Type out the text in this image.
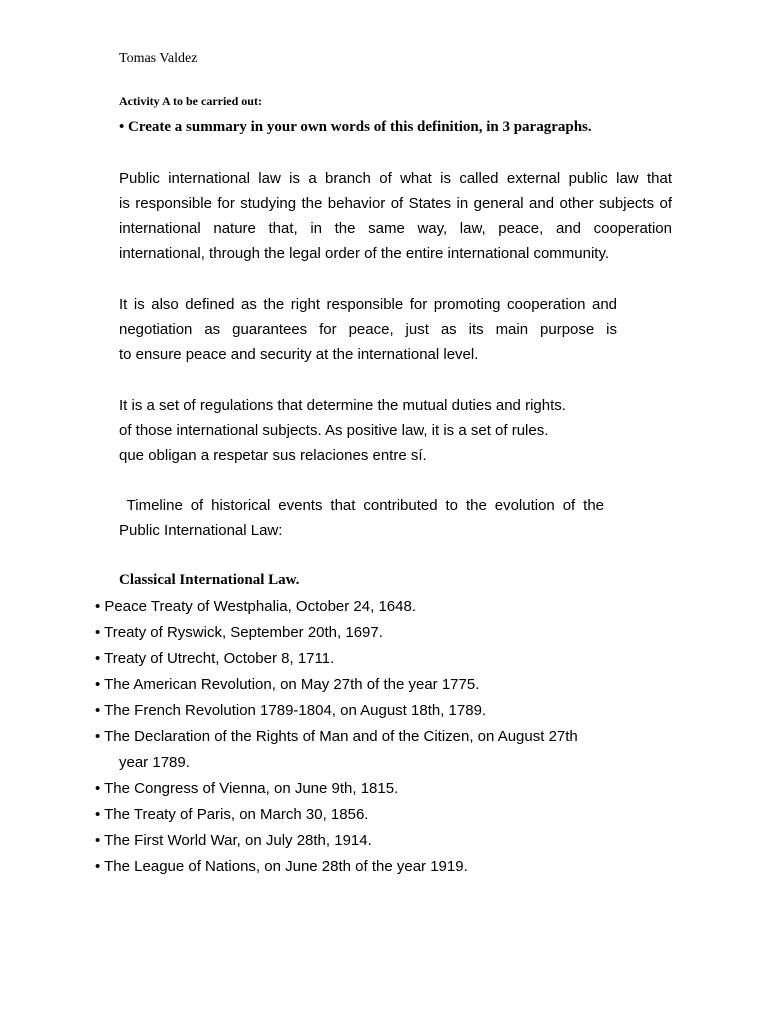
Tomas Valdez
Activity A to be carried out:
• Create a summary in your own words of this definition, in 3 paragraphs.
Public international law is a branch of what is called external public law that
is responsible for studying the behavior of States in general and other subjects of
international nature that, in the same way, law, peace, and cooperation
international, through the legal order of the entire international community.
It is also defined as the right responsible for promoting cooperation and
negotiation as guarantees for peace, just as its main purpose is
to ensure peace and security at the international level.
It is a set of regulations that determine the mutual duties and rights.
of those international subjects. As positive law, it is a set of rules.
que obligan a respetar sus relaciones entre sí.
Timeline of historical events that contributed to the evolution of the
Public International Law:
Classical International Law.
• Peace Treaty of Westphalia, October 24, 1648.
• Treaty of Ryswick, September 20th, 1697.
• Treaty of Utrecht, October 8, 1711.
• The American Revolution, on May 27th of the year 1775.
• The French Revolution 1789-1804, on August 18th, 1789.
• The Declaration of the Rights of Man and of the Citizen, on August 27th
year 1789.
• The Congress of Vienna, on June 9th, 1815.
• The Treaty of Paris, on March 30, 1856.
• The First World War, on July 28th, 1914.
• The League of Nations, on June 28th of the year 1919.
